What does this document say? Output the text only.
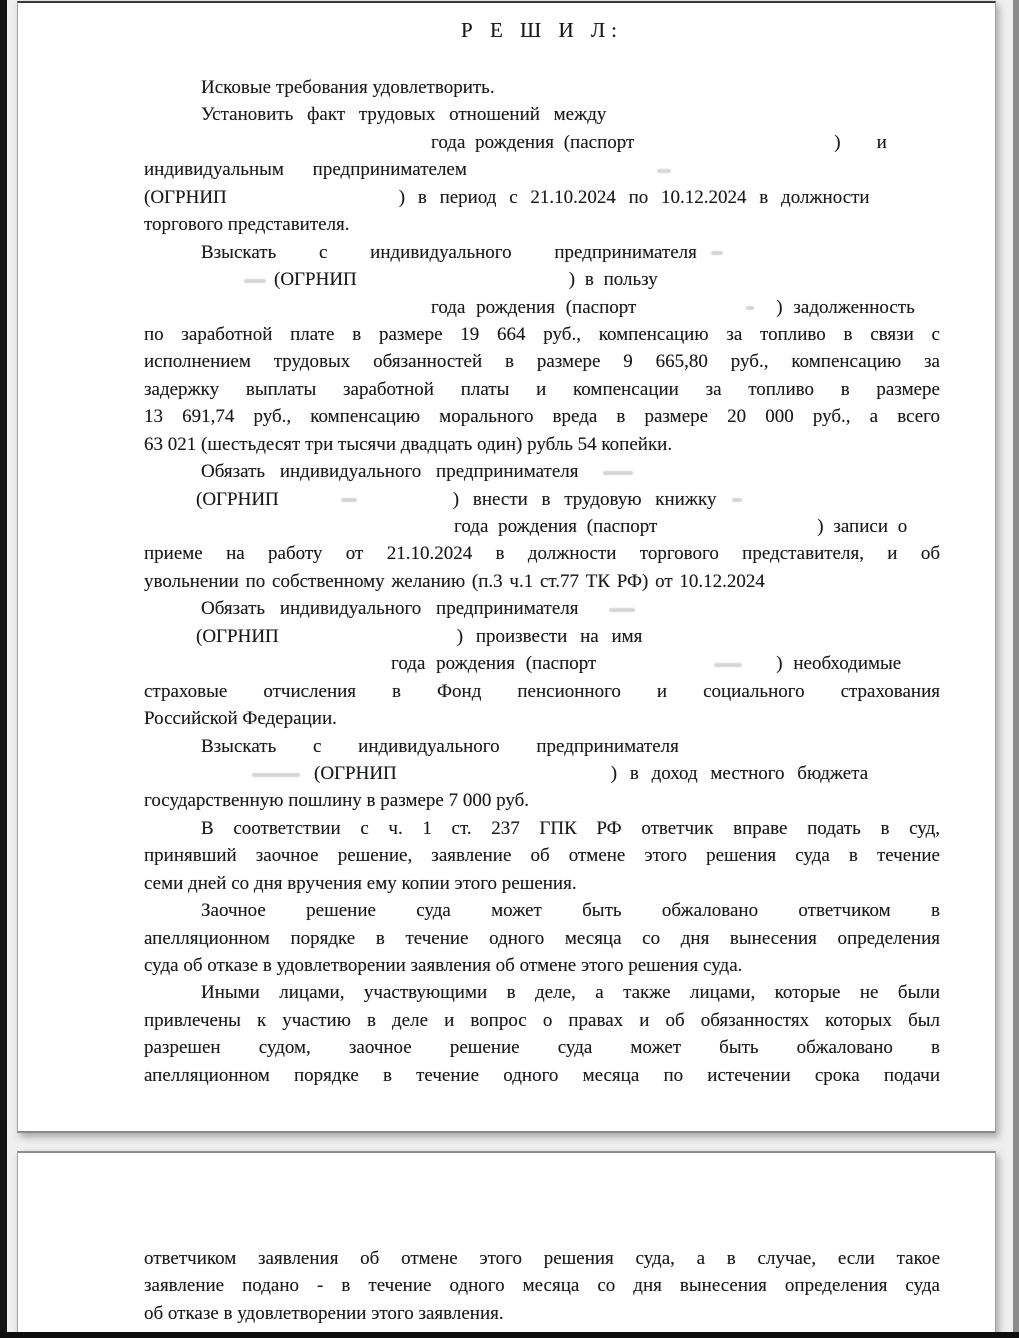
Р Е Ш И Л:
Исковые требования удовлетворить.
Установить факт трудовых отношений между
года рождения (паспорт	) и
индивидуальным предпринимателем
(ОГРНИП	) в период с 21.10.2024 по 10.12.2024 в должности
торгового представителя.
Взыскать с индивидуального предпринимателя
(ОГРНИП	) в пользу
года рождения (паспорт	) задолженность
по заработной плате в размере 19 664 руб., компенсацию за топливо в связи с
исполнением трудовых обязанностей в размере 9 665,80 руб., компенсацию за
задержку выплаты заработной платы и компенсации за топливо в размере
13 691,74 руб., компенсацию морального вреда в размере 20 000 руб., а всего
63 021 (шестьдесят три тысячи двадцать один) рубль 54 копейки.
Обязать индивидуального предпринимателя
(ОГРНИП	) внести в трудовую книжку
года рождения (паспорт	) записи о
приеме на работу от 21.10.2024 в должности торгового представителя, и об
увольнении по собственному желанию (п.3 ч.1 ст.77 ТК РФ) от 10.12.2024
Обязать индивидуального предпринимателя
(ОГРНИП	) произвести на имя
года рождения (паспорт	) необходимые
страховые отчисления в Фонд пенсионного и социального страхования
Российской Федерации.
Взыскать с индивидуального предпринимателя
(ОГРНИП	) в доход местного бюджета
государственную пошлину в размере 7 000 руб.
В соответствии с ч. 1 ст. 237 ГПК РФ ответчик вправе подать в суд,
принявший заочное решение, заявление об отмене этого решения суда в течение
семи дней со дня вручения ему копии этого решения.
Заочное решение суда может быть обжаловано ответчиком в
апелляционном порядке в течение одного месяца со дня вынесения определения
суда об отказе в удовлетворении заявления об отмене этого решения суда.
Иными лицами, участвующими в деле, а также лицами, которые не были
привлечены к участию в деле и вопрос о правах и об обязанностях которых был
разрешен судом, заочное решение суда может быть обжаловано в
апелляционном порядке в течение одного месяца по истечении срока подачи
ответчиком заявления об отмене этого решения суда, а в случае, если такое
заявление подано - в течение одного месяца со дня вынесения определения суда
об отказе в удовлетворении этого заявления.
